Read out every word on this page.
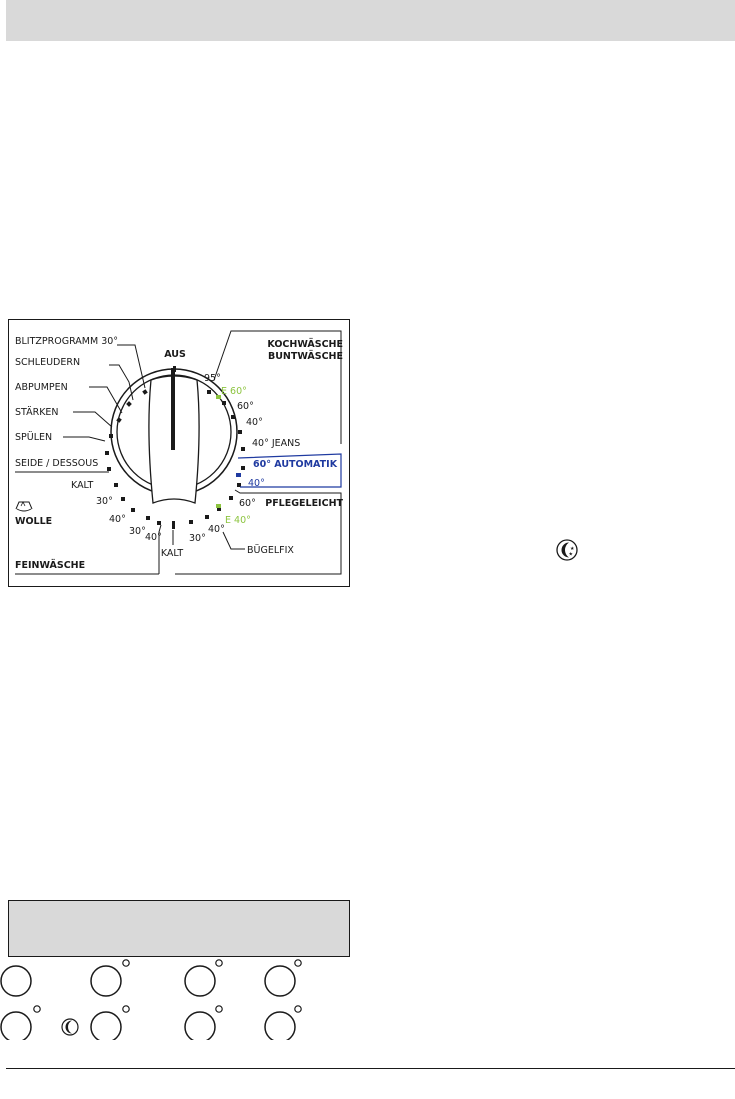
BLITZPROGRAMM 30°
SCHLEUDERN
ABPUMPEN
STÄRKEN
SPÜLEN
SEIDE / DESSOUS
KALT
30°
40°
WOLLE
30°
40°
FEINWÄSCHE
KALT
AUS
KOCHWÄSCHE
BUNTWÄSCHE
95°
E 60°
60°
40°
40° JEANS
60° AUTOMATIK
40°
60° PFLEGELEICHT
E 40°
40°
30°
BÜGELFIX	★
★
